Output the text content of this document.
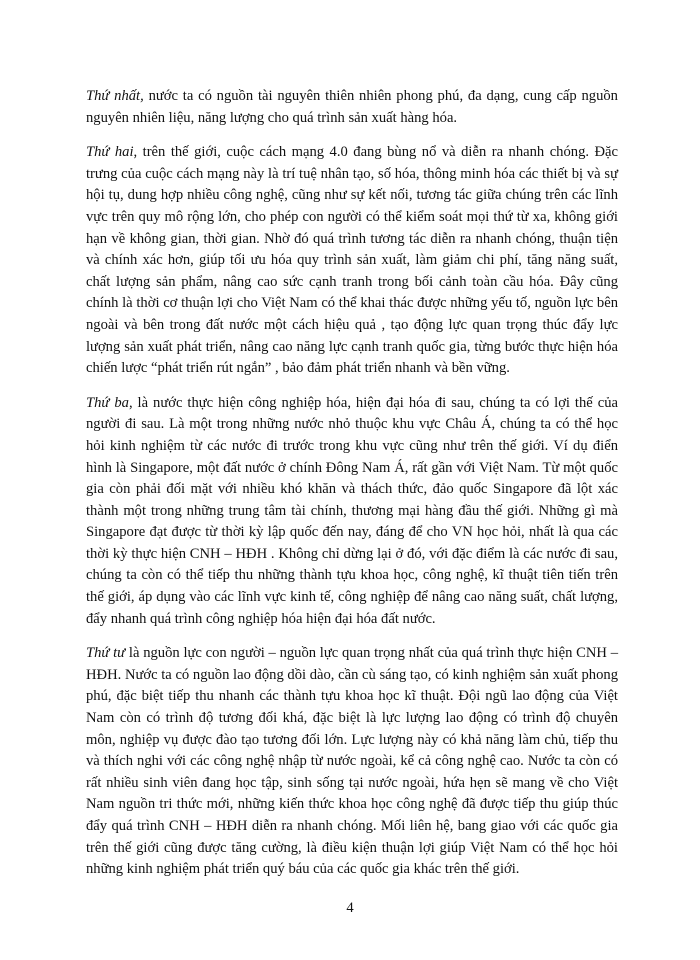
Thứ nhất, nước ta có nguồn tài nguyên thiên nhiên phong phú, đa dạng, cung cấp nguồn nguyên nhiên liệu, năng lượng cho quá trình sản xuất hàng hóa.

Thứ hai, trên thế giới, cuộc cách mạng 4.0 đang bùng nổ và diễn ra nhanh chóng. Đặc trưng của cuộc cách mạng này là trí tuệ nhân tạo, số hóa, thông minh hóa các thiết bị và sự hội tụ, dung hợp nhiều công nghệ, cũng như sự kết nối, tương tác giữa chúng trên các lĩnh vực trên quy mô rộng lớn, cho phép con người có thể kiểm soát mọi thứ từ xa, không giới hạn về không gian, thời gian. Nhờ đó quá trình tương tác diễn ra nhanh chóng, thuận tiện và chính xác hơn, giúp tối ưu hóa quy trình sản xuất, làm giảm chi phí, tăng năng suất, chất lượng sản phẩm, nâng cao sức cạnh tranh trong bối cảnh toàn cầu hóa. Đây cũng chính là thời cơ thuận lợi cho Việt Nam có thể khai thác được những yếu tố, nguồn lực bên ngoài và bên trong đất nước một cách hiệu quả , tạo động lực quan trọng thúc đẩy lực lượng sản xuất phát triển, nâng cao năng lực cạnh tranh quốc gia, từng bước thực hiện hóa chiến lược “phát triển rút ngắn” , bảo đảm phát triển nhanh và bền vững.

Thứ ba, là nước thực hiện công nghiệp hóa, hiện đại hóa đi sau, chúng ta có lợi thế của người đi sau. Là một trong những nước nhỏ thuộc khu vực Châu Á, chúng ta có thể học hỏi kinh nghiệm từ các nước đi trước trong khu vực cũng như trên thế giới. Ví dụ điển hình là Singapore, một đất nước ở chính Đông Nam Á, rất gần với Việt Nam. Từ một quốc gia còn phải đối mặt với nhiều khó khăn và thách thức, đảo quốc Singapore đã lột xác thành một trong những trung tâm tài chính, thương mại hàng đầu thế giới. Những gì mà Singapore đạt được từ thời kỳ lập quốc đến nay, đáng để cho VN học hỏi, nhất là qua các thời kỳ thực hiện CNH – HĐH . Không chỉ dừng lại ở đó, với đặc điểm là các nước đi sau, chúng ta còn có thể tiếp thu những thành tựu khoa học, công nghệ, kĩ thuật tiên tiến trên thế giới, áp dụng vào các lĩnh vực kinh tế, công nghiệp để nâng cao năng suất, chất lượng, đẩy nhanh quá trình công nghiệp hóa hiện đại hóa đất nước.

Thứ tư là nguồn lực con người – nguồn lực quan trọng nhất của quá trình thực hiện CNH – HĐH. Nước ta có nguồn lao động dồi dào, cần cù sáng tạo, có kinh nghiệm sản xuất phong phú, đặc biệt tiếp thu nhanh các thành tựu khoa học kĩ thuật. Đội ngũ lao động của Việt Nam còn có trình độ tương đối khá, đặc biệt là lực lượng lao động có trình độ chuyên môn, nghiệp vụ được đào tạo tương đối lớn. Lực lượng này có khả năng làm chủ, tiếp thu và thích nghi với các công nghệ nhập từ nước ngoài, kể cả công nghệ cao. Nước ta còn có rất nhiều sinh viên đang học tập, sinh sống tại nước ngoài, hứa hẹn sẽ mang về cho Việt Nam nguồn tri thức mới, những kiến thức khoa học công nghệ đã được tiếp thu giúp thúc đẩy quá trình CNH – HĐH diễn ra nhanh chóng. Mối liên hệ, bang giao với các quốc gia trên thế giới cũng được tăng cường, là điều kiện thuận lợi giúp Việt Nam có thể học hỏi những kinh nghiệm phát triển quý báu của các quốc gia khác trên thế giới.

4
